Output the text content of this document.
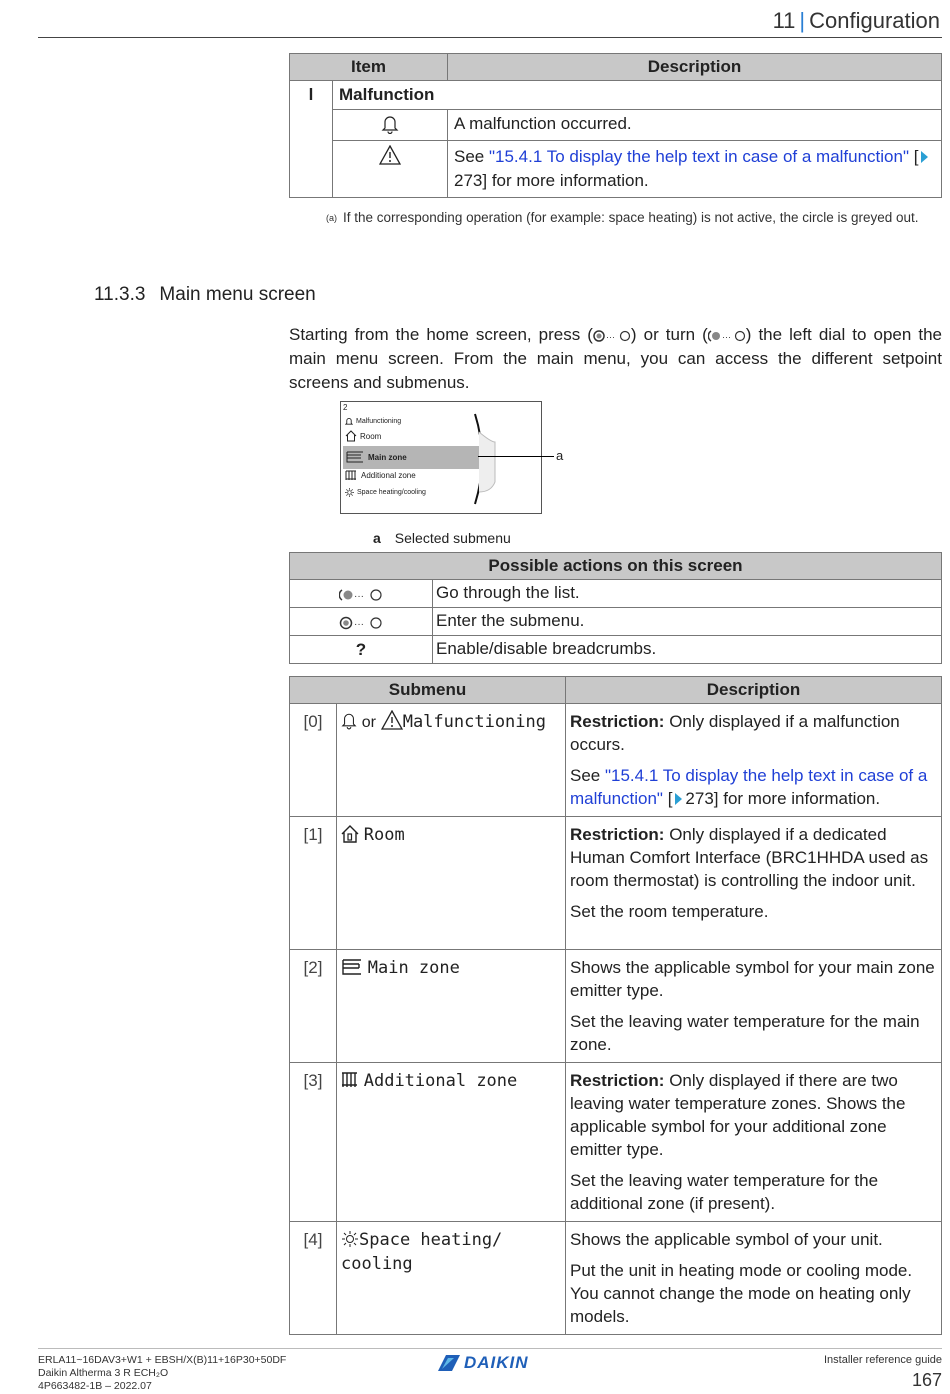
11 | Configuration
Item		Description
l	Malfunction	
	A malfunction occurred.
	See "15.4.1 To display the help text in case of a malfunction" [273] for more information.
(a) If the corresponding operation (for example: space heating) is not active, the circle is greyed out.
11.3.3 Main menu screen
Starting from the home screen, press ( ··· ) or turn ( ··· ) the left dial to open the main menu screen. From the main menu, you can access the different setpoint screens and submenus.
2
Malfunctioning
Room
Main zone
Additional zone
Space heating/cooling
a
a Selected submenu
Possible actions on this screen	

···	Go through the list.

···	Enter the submenu.
?	Enable/disable breadcrumbs.
Submenu		Description
[0]	or Malfunctioning	Restriction: Only displayed if a malfunction occurs.

See "15.4.1 To display the help text in case of a malfunction" [ 273] for more information.

[1]	Room	Restriction: Only displayed if a dedicated Human Comfort Interface (BRC1HHDA used as room thermostat) is controlling the indoor unit.

Set the room temperature.

[2]	Main zone	Shows the applicable symbol for your main zone emitter type.

Set the leaving water temperature for the main zone.

[3]	Additional zone	Restriction: Only displayed if there are two leaving water temperature zones. Shows the applicable symbol for your additional zone emitter type.

Set the leaving water temperature for the additional zone (if present).

[4]	Space heating/ cooling	Shows the applicable symbol of your unit.

Put the unit in heating mode or cooling mode. You cannot change the mode on heating only models.

ERLA11~16DAV3+W1 + EBSH/X(B)11+16P30+50DF
Daikin Altherma 3 R ECH₂O
4P663482-1B – 2022.07
DAIKIN	Installer reference guide
167
